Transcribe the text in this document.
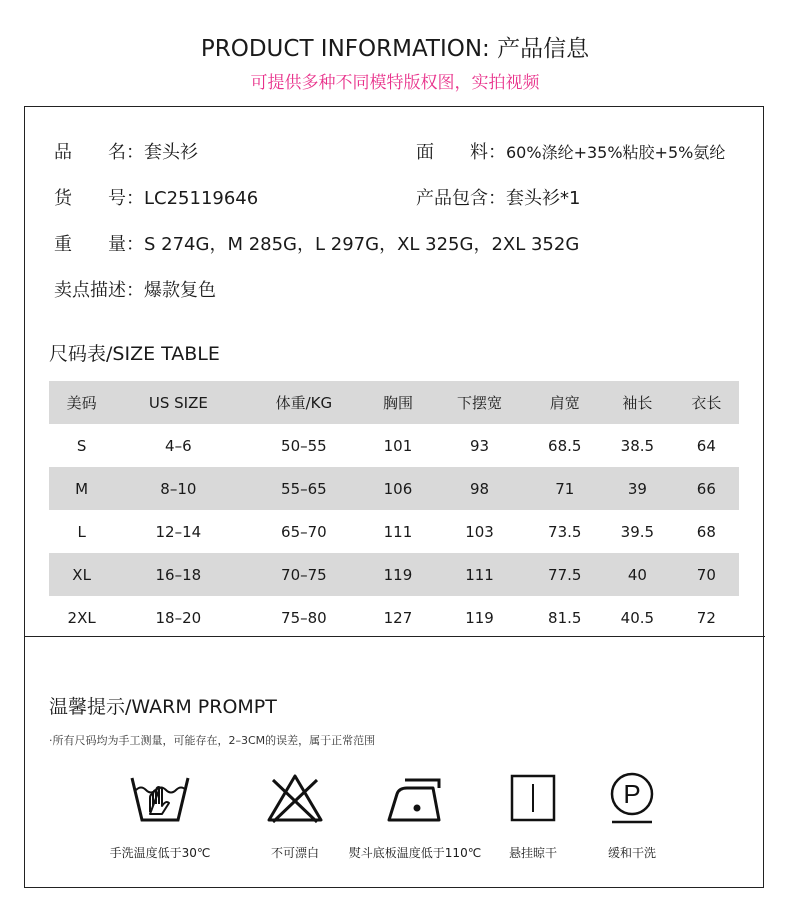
PRODUCT INFORMATION: 产品信息
可提供多种不同模特版权图，实拍视频
品　　名：套头衫	面　　料：60%涤纶+35%粘胶+5%氨纶
货　　号：LC25119646	产品包含：套头衫*1
重　　量：S 274G，M 285G，L 297G，XL 325G，2XL 352G
卖点描述：爆款复色
尺码表/SIZE TABLE
美码	US SIZE	体重/KG	胸围	下摆宽	肩宽	袖长	衣长
S	4–6	50–55	101	93	68.5	38.5	64
M	8–10	55–65	106	98	71	39	66
L	12–14	65–70	111	103	73.5	39.5	68
XL	16–18	70–75	119	111	77.5	40	70
2XL	18–20	75–80	127	119	81.5	40.5	72
温馨提示/WARM PROMPT
·所有尺码均为手工测量，可能存在，2–3CM的误差，属于正常范围
手洗温度低于30℃	不可漂白	熨斗底板温度低于110℃	悬挂晾干
P
缓和干洗
